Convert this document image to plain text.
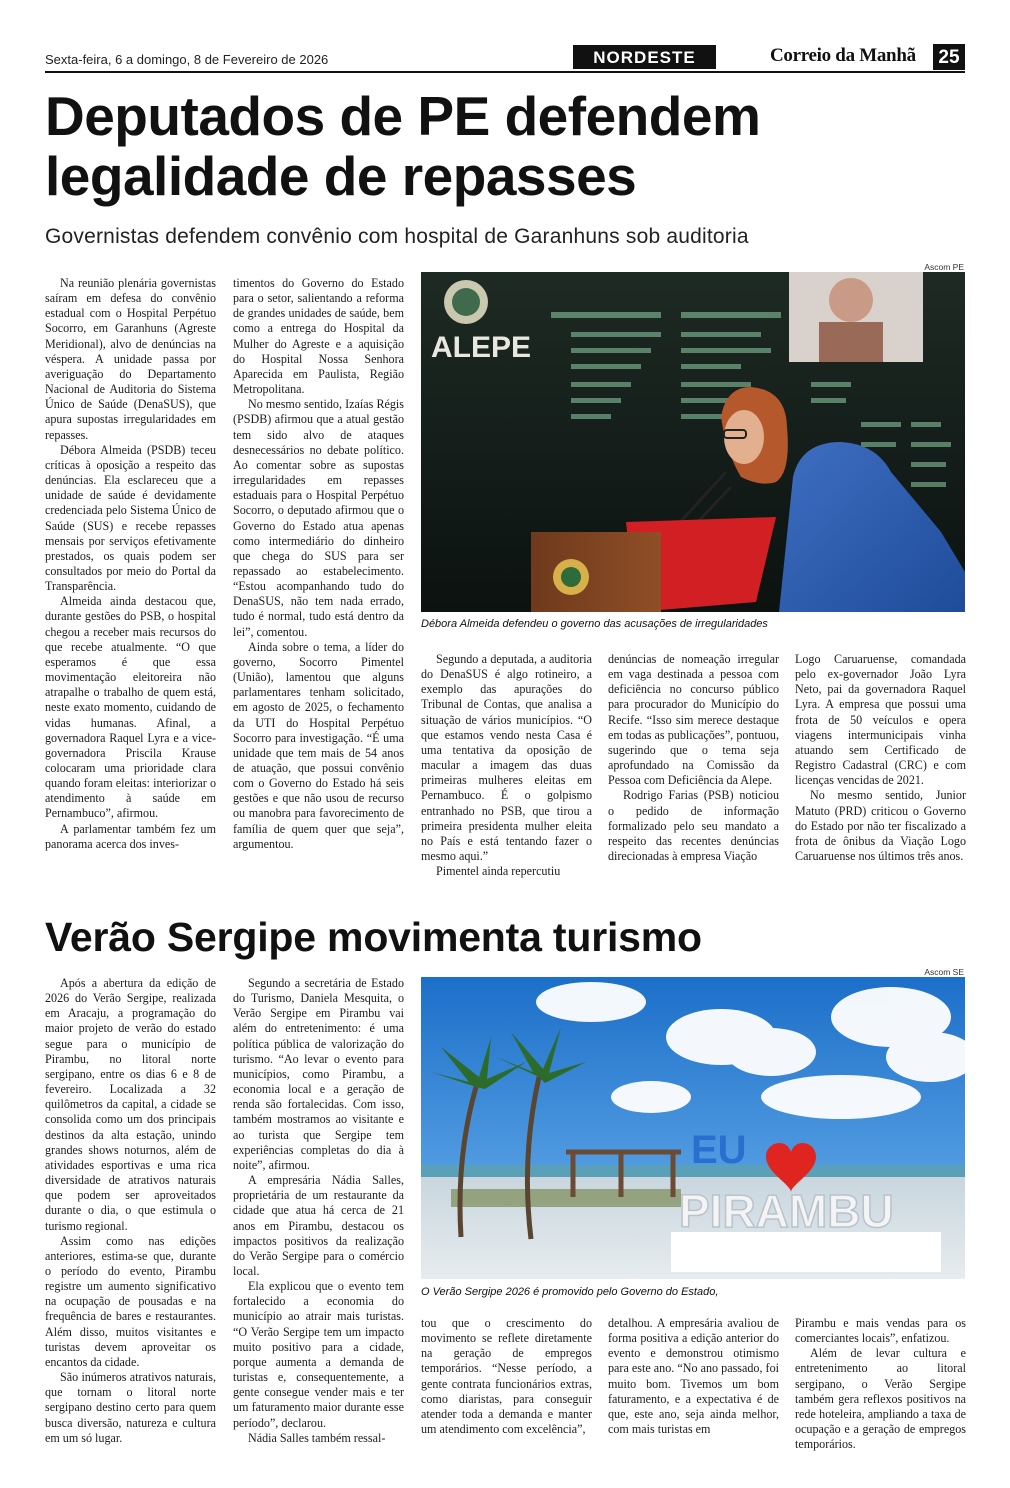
Sexta-feira, 6 a domingo, 8 de Fevereiro de 2026	NORDESTE	Correio da Manhã 25
Deputados de PE defendem legalidade de repasses
Governistas defendem convênio com hospital de Garanhuns sob auditoria

Na reunião plenária governistas saíram em defesa do convênio estadual com o Hospital Perpétuo Socorro, em Garanhuns (Agreste Meridional), alvo de denúncias na véspera. A unidade passa por averiguação do Departamento Nacional de Auditoria do Sistema Único de Saúde (DenaSUS), que apura supostas irregularidades em repasses.

Débora Almeida (PSDB) teceu críticas à oposição a respeito das denúncias. Ela esclareceu que a unidade de saúde é devidamente credenciada pelo Sistema Único de Saúde (SUS) e recebe repasses mensais por serviços efetivamente prestados, os quais podem ser consultados por meio do Portal da Transparência.

Almeida ainda destacou que, durante gestões do PSB, o hospital chegou a receber mais recursos do que recebe atualmente. “O que esperamos é que essa movimentação eleitoreira não atrapalhe o trabalho de quem está, neste exato momento, cuidando de vidas humanas. Afinal, a governadora Raquel Lyra e a vice-governadora Priscila Krause colocaram uma prioridade clara quando foram eleitas: interiorizar o atendimento à saúde em Pernambuco”, afirmou.

A parlamentar também fez um panorama acerca dos inves-

timentos do Governo do Estado para o setor, salientando a reforma de grandes unidades de saúde, bem como a entrega do Hospital da Mulher do Agreste e a aquisição do Hospital Nossa Senhora Aparecida em Paulista, Região Metropolitana.

No mesmo sentido, Izaías Régis (PSDB) afirmou que a atual gestão tem sido alvo de ataques desnecessários no debate político. Ao comentar sobre as supostas irregularidades em repasses estaduais para o Hospital Perpétuo Socorro, o deputado afirmou que o Governo do Estado atua apenas como intermediário do dinheiro que chega do SUS para ser repassado ao estabelecimento. “Estou acompanhando tudo do DenaSUS, não tem nada errado, tudo é normal, tudo está dentro da lei”, comentou.

Ainda sobre o tema, a líder do governo, Socorro Pimentel (União), lamentou que alguns parlamentares tenham solicitado, em agosto de 2025, o fechamento da UTI do Hospital Perpétuo Socorro para investigação. “É uma unidade que tem mais de 54 anos de atuação, que possui convênio com o Governo do Estado há seis gestões e que não usou de recurso ou manobra para favorecimento de família de quem quer que seja”, argumentou.

Ascom PE
ALEPE
Débora Almeida defendeu o governo das acusações de irregularidades

Segundo a deputada, a auditoria do DenaSUS é algo rotineiro, a exemplo das apurações do Tribunal de Contas, que analisa a situação de vários municípios. “O que estamos vendo nesta Casa é uma tentativa da oposição de macular a imagem das duas primeiras mulheres eleitas em Pernambuco. É o golpismo entranhado no PSB, que tirou a primeira presidenta mulher eleita no País e está tentando fazer o mesmo aqui.”

Pimentel ainda repercutiu

denúncias de nomeação irregular em vaga destinada a pessoa com deficiência no concurso público para procurador do Município do Recife. “Isso sim merece destaque em todas as publicações”, pontuou, sugerindo que o tema seja aprofundado na Comissão da Pessoa com Deficiência da Alepe.

Rodrigo Farias (PSB) noticiou o pedido de informação formalizado pelo seu mandato a respeito das recentes denúncias direcionadas à empresa Viação

Logo Caruaruense, comandada pelo ex-governador João Lyra Neto, pai da governadora Raquel Lyra. A empresa que possui uma frota de 50 veículos e opera viagens intermunicipais vinha atuando sem Certificado de Registro Cadastral (CRC) e com licenças vencidas de 2021.

No mesmo sentido, Junior Matuto (PRD) criticou o Governo do Estado por não ter fiscalizado a frota de ônibus da Viação Logo Caruaruense nos últimos três anos.

Verão Sergipe movimenta turismo

Após a abertura da edição de 2026 do Verão Sergipe, realizada em Aracaju, a programação do maior projeto de verão do estado segue para o município de Pirambu, no litoral norte sergipano, entre os dias 6 e 8 de fevereiro. Localizada a 32 quilômetros da capital, a cidade se consolida como um dos principais destinos da alta estação, unindo grandes shows noturnos, além de atividades esportivas e uma rica diversidade de atrativos naturais que podem ser aproveitados durante o dia, o que estimula o turismo regional.

Assim como nas edições anteriores, estima-se que, durante o período do evento, Pirambu registre um aumento significativo na ocupação de pousadas e na frequência de bares e restaurantes. Além disso, muitos visitantes e turistas devem aproveitar os encantos da cidade.

São inúmeros atrativos naturais, que tornam o litoral norte sergipano destino certo para quem busca diversão, natureza e cultura em um só lugar.

Segundo a secretária de Estado do Turismo, Daniela Mesquita, o Verão Sergipe em Pirambu vai além do entretenimento: é uma política pública de valorização do turismo. “Ao levar o evento para municípios, como Pirambu, a economia local e a geração de renda são fortalecidas. Com isso, também mostramos ao visitante e ao turista que Sergipe tem experiências completas do dia à noite”, afirmou.

A empresária Nádia Salles, proprietária de um restaurante da cidade que atua há cerca de 21 anos em Pirambu, destacou os impactos positivos da realização do Verão Sergipe para o comércio local.

Ela explicou que o evento tem fortalecido a economia do município ao atrair mais turistas. “O Verão Sergipe tem um impacto muito positivo para a cidade, porque aumenta a demanda de turistas e, consequentemente, a gente consegue vender mais e ter um faturamento maior durante esse período”, declarou.

Nádia Salles também ressal-

Ascom SE
EU
PIRAMBU
O Verão Sergipe 2026 é promovido pelo Governo do Estado,

tou que o crescimento do movimento se reflete diretamente na geração de empregos temporários. “Nesse período, a gente contrata funcionários extras, como diaristas, para conseguir atender toda a demanda e manter um atendimento com excelência”,

detalhou. A empresária avaliou de forma positiva a edição anterior do evento e demonstrou otimismo para este ano. “No ano passado, foi muito bom. Tivemos um bom faturamento, e a expectativa é de que, este ano, seja ainda melhor, com mais turistas em

Pirambu e mais vendas para os comerciantes locais”, enfatizou.

Além de levar cultura e entretenimento ao litoral sergipano, o Verão Sergipe também gera reflexos positivos na rede hoteleira, ampliando a taxa de ocupação e a geração de empregos temporários.
